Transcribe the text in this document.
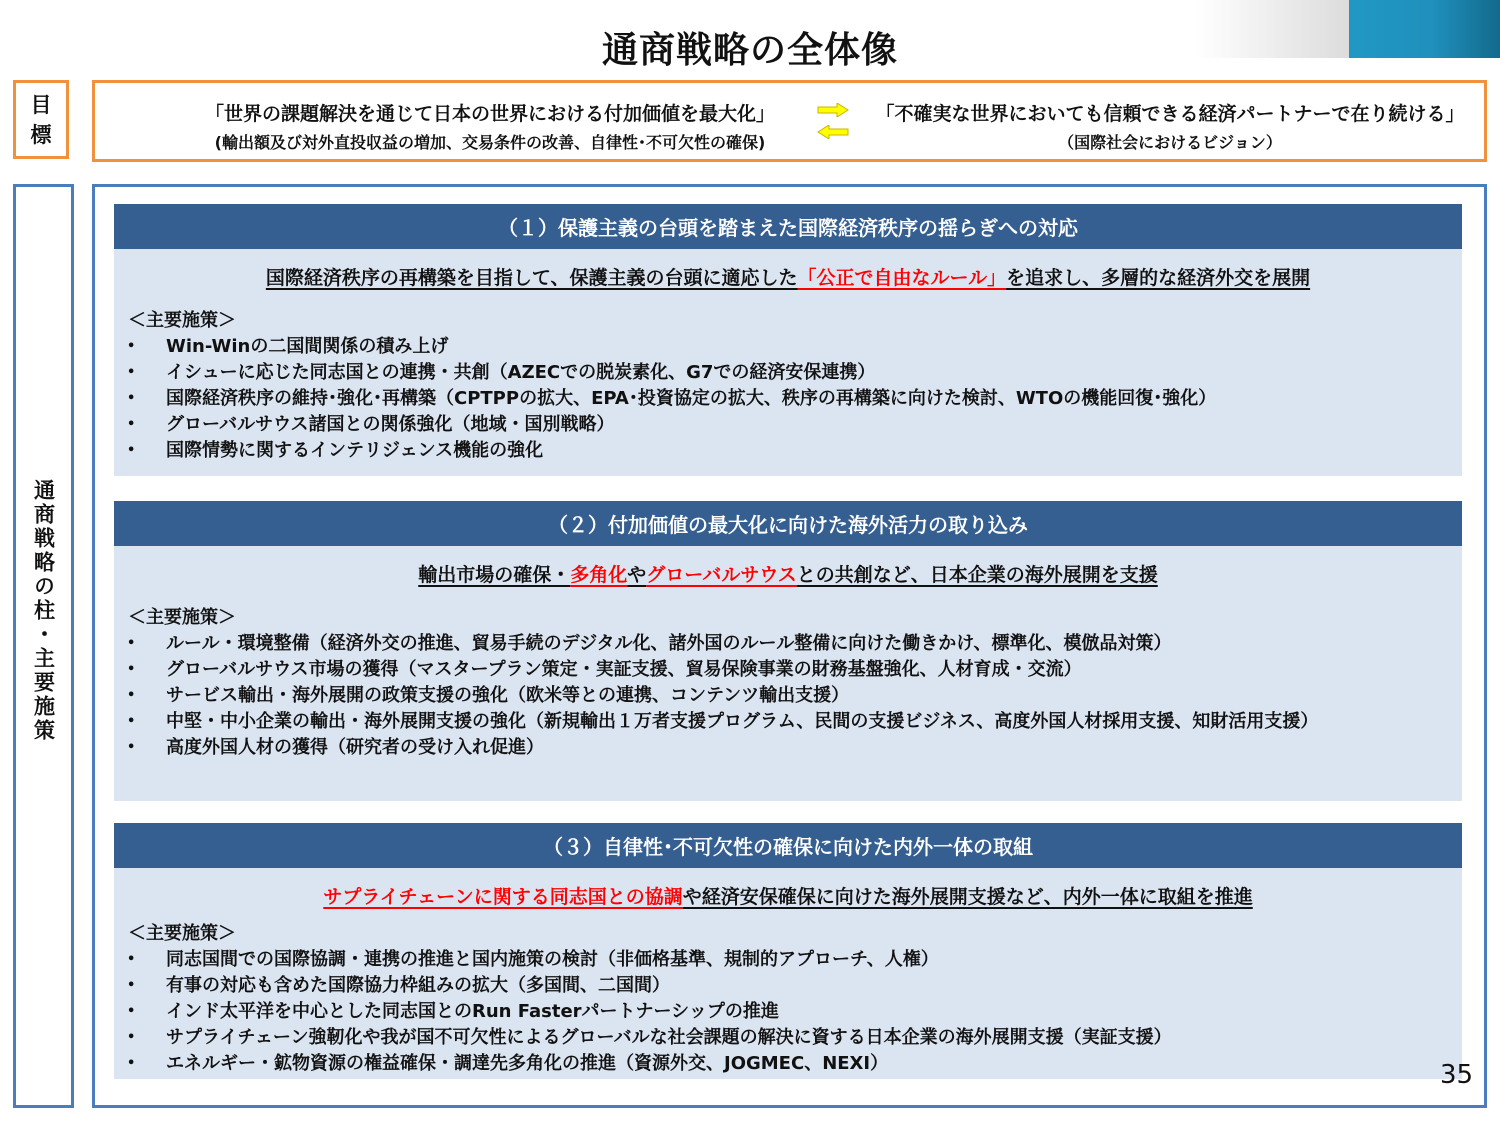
通商戦略の全体像
目
標
「世界の課題解決を通じて日本の世界における付加価値を最大化」
(輸出額及び対外直投収益の増加、交易条件の改善、自律性･不可欠性の確保)
「不確実な世界においても信頼できる経済パートナーで在り続ける」
（国際社会におけるビジョン）
通商戦略の柱・主要施策
（１）保護主義の台頭を踏まえた国際経済秩序の揺らぎへの対応
国際経済秩序の再構築を目指して、保護主義の台頭に適応した「公正で自由なルール」を追求し、多層的な経済外交を展開
＜主要施策＞
• Win-Winの二国間関係の積み上げ
• イシューに応じた同志国との連携・共創（AZECでの脱炭素化、G7での経済安保連携）
• 国際経済秩序の維持･強化･再構築（CPTPPの拡大、EPA･投資協定の拡大、秩序の再構築に向けた検討、WTOの機能回復･強化）
• グローバルサウス諸国との関係強化（地域・国別戦略）
• 国際情勢に関するインテリジェンス機能の強化
（２）付加価値の最大化に向けた海外活力の取り込み
輸出市場の確保・多角化やグローバルサウスとの共創など、日本企業の海外展開を支援
＜主要施策＞
• ルール・環境整備（経済外交の推進、貿易手続のデジタル化、諸外国のルール整備に向けた働きかけ、標準化、模倣品対策）
• グローバルサウス市場の獲得（マスタープラン策定・実証支援、貿易保険事業の財務基盤強化、人材育成・交流）
• サービス輸出・海外展開の政策支援の強化（欧米等との連携、コンテンツ輸出支援）
• 中堅・中小企業の輸出・海外展開支援の強化（新規輸出１万者支援プログラム、民間の支援ビジネス、高度外国人材採用支援、知財活用支援）
• 高度外国人材の獲得（研究者の受け入れ促進）
（３）自律性･不可欠性の確保に向けた内外一体の取組
サプライチェーンに関する同志国との協調や経済安保確保に向けた海外展開支援など、内外一体に取組を推進
＜主要施策＞
• 同志国間での国際協調・連携の推進と国内施策の検討（非価格基準、規制的アプローチ、人権）
• 有事の対応も含めた国際協力枠組みの拡大（多国間、二国間）
• インド太平洋を中心とした同志国とのRun Fasterパートナーシップの推進
• サプライチェーン強靭化や我が国不可欠性によるグローバルな社会課題の解決に資する日本企業の海外展開支援（実証支援）
• エネルギー・鉱物資源の権益確保・調達先多角化の推進（資源外交、JOGMEC、NEXI）	35
